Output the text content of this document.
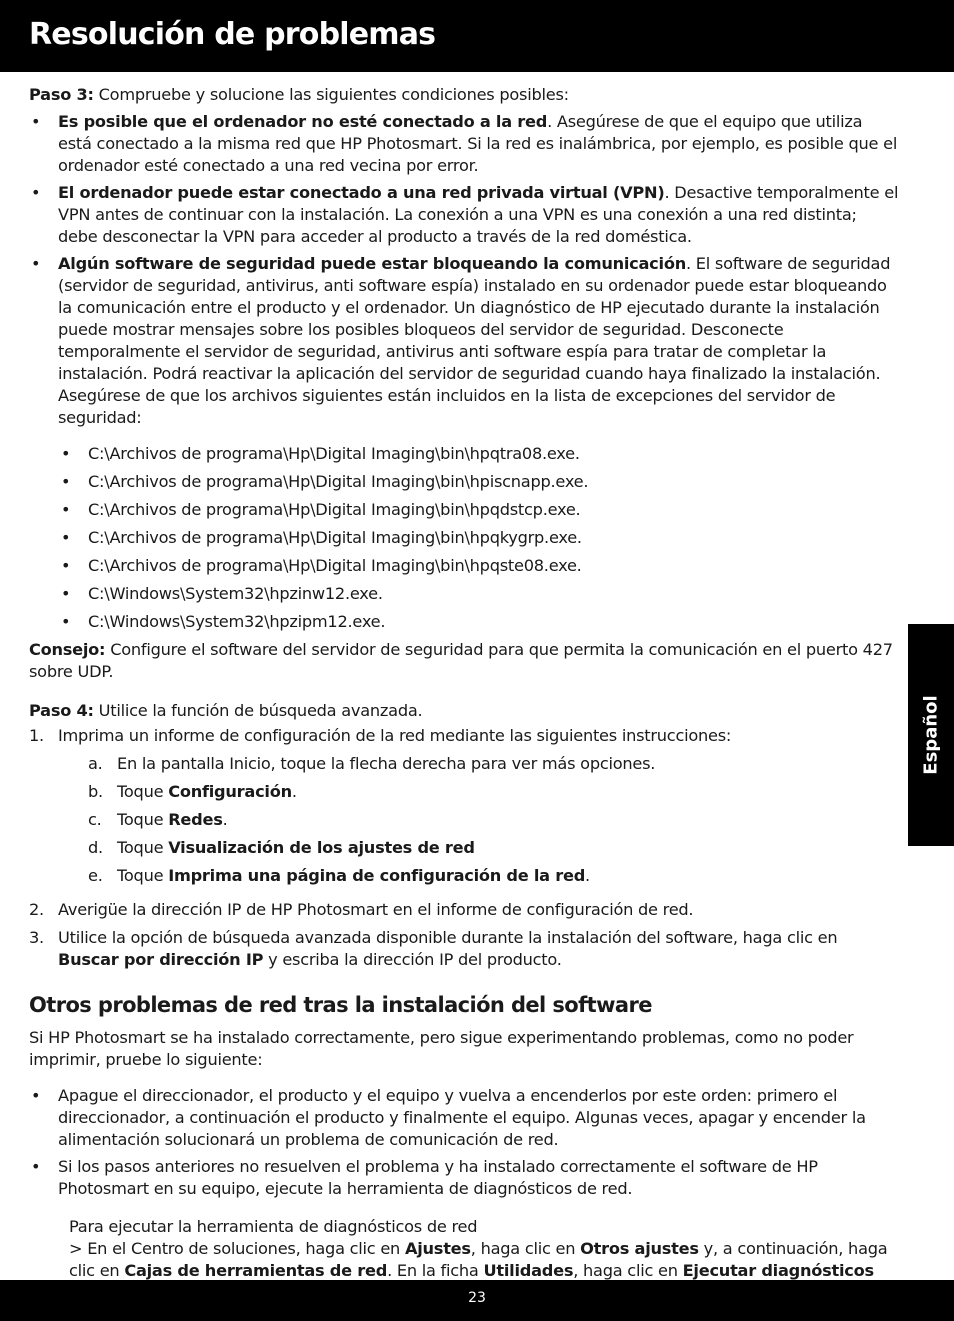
Resolución de problemas

Paso 3: Compruebe y solucione las siguientes condiciones posibles:

• Es posible que el ordenador no esté conectado a la red. Asegúrese de que el equipo que utiliza está conectado a la misma red que HP Photosmart. Si la red es inalámbrica, por ejemplo, es posible que el ordenador esté conectado a una red vecina por error.
• El ordenador puede estar conectado a una red privada virtual (VPN). Desactive temporalmente el VPN antes de continuar con la instalación. La conexión a una VPN es una conexión a una red distinta; debe desconectar la VPN para acceder al producto a través de la red doméstica.
• Algún software de seguridad puede estar bloqueando la comunicación. El software de seguridad (servidor de seguridad, antivirus, anti software espía) instalado en su ordenador puede estar bloqueando la comunicación entre el producto y el ordenador. Un diagnóstico de HP ejecutado durante la instalación puede mostrar mensajes sobre los posibles bloqueos del servidor de seguridad. Desconecte temporalmente el servidor de seguridad, antivirus anti software espía para tratar de completar la instalación. Podrá reactivar la aplicación del servidor de seguridad cuando haya finalizado la instalación. Asegúrese de que los archivos siguientes están incluidos en la lista de excepciones del servidor de seguridad:
• C:\Archivos de programa\Hp\Digital Imaging\bin\hpqtra08.exe.
• C:\Archivos de programa\Hp\Digital Imaging\bin\hpiscnapp.exe.
• C:\Archivos de programa\Hp\Digital Imaging\bin\hpqdstcp.exe.
• C:\Archivos de programa\Hp\Digital Imaging\bin\hpqkygrp.exe.
• C:\Archivos de programa\Hp\Digital Imaging\bin\hpqste08.exe.
• C:\Windows\System32\hpzinw12.exe.
• C:\Windows\System32\hpzipm12.exe.

Consejo: Configure el software del servidor de seguridad para que permita la comunicación en el puerto 427 sobre UDP.

Paso 4: Utilice la función de búsqueda avanzada.

1. Imprima un informe de configuración de la red mediante las siguientes instrucciones:
a. En la pantalla Inicio, toque la flecha derecha para ver más opciones.
b. Toque Configuración.
c. Toque Redes.
d. Toque Visualización de los ajustes de red
e. Toque Imprima una página de configuración de la red.
2. Averigüe la dirección IP de HP Photosmart en el informe de configuración de red.
3. Utilice la opción de búsqueda avanzada disponible durante la instalación del software, haga clic en Buscar por dirección IP y escriba la dirección IP del producto.
Otros problemas de red tras la instalación del software

Si HP Photosmart se ha instalado correctamente, pero sigue experimentando problemas, como no poder imprimir, pruebe lo siguiente:

• Apague el direccionador, el producto y el equipo y vuelva a encenderlos por este orden: primero el direccionador, a continuación el producto y finalmente el equipo. Algunas veces, apagar y encender la alimentación solucionará un problema de comunicación de red.
• Si los pasos anteriores no resuelven el problema y ha instalado correctamente el software de HP Photosmart en su equipo, ejecute la herramienta de diagnósticos de red.

Para ejecutar la herramienta de diagnósticos de red

> En el Centro de soluciones, haga clic en Ajustes, haga clic en Otros ajustes y, a continuación, haga clic en Cajas de herramientas de red. En la ficha Utilidades, haga clic en Ejecutar diagnósticos

Español
23
